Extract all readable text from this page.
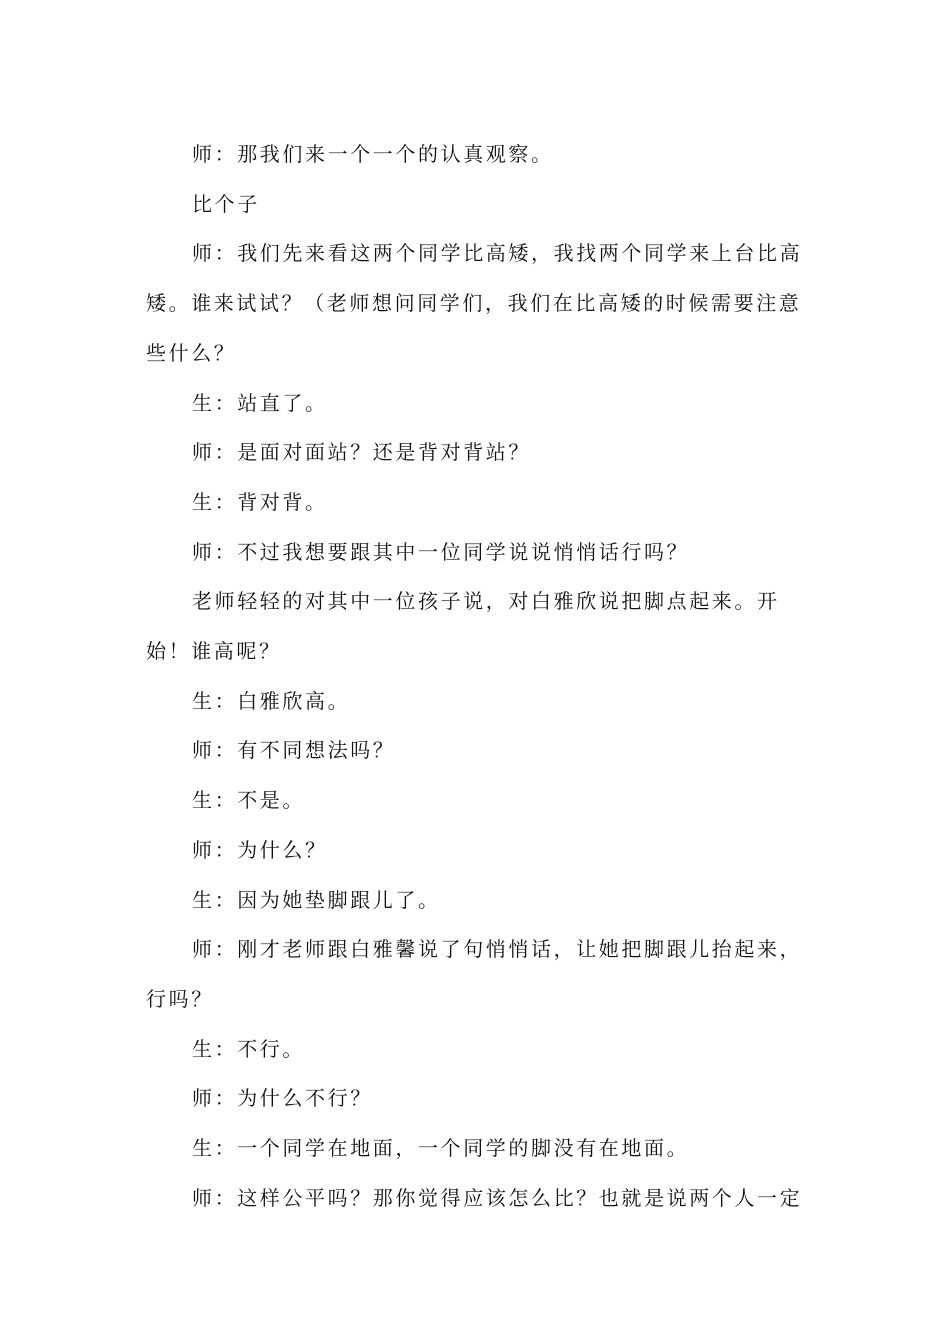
师：那我们来一个一个的认真观察。

比个子

师：我们先来看这两个同学比高矮，我找两个同学来上台比高矮。谁来试试？（老师想问同学们，我们在比高矮的时候需要注意些什么？

生：站直了。

师：是面对面站？还是背对背站？

生：背对背。

师：不过我想要跟其中一位同学说说悄悄话行吗？

老师轻轻的对其中一位孩子说，对白雅欣说把脚点起来。开始！谁高呢？

生：白雅欣高。

师：有不同想法吗？

生：不是。

师：为什么？

生：因为她垫脚跟儿了。

师：刚才老师跟白雅馨说了句悄悄话，让她把脚跟儿抬起来，行吗？

生：不行。

师：为什么不行？

生：一个同学在地面，一个同学的脚没有在地面。

师：这样公平吗？那你觉得应该怎么比？也就是说两个人一定
